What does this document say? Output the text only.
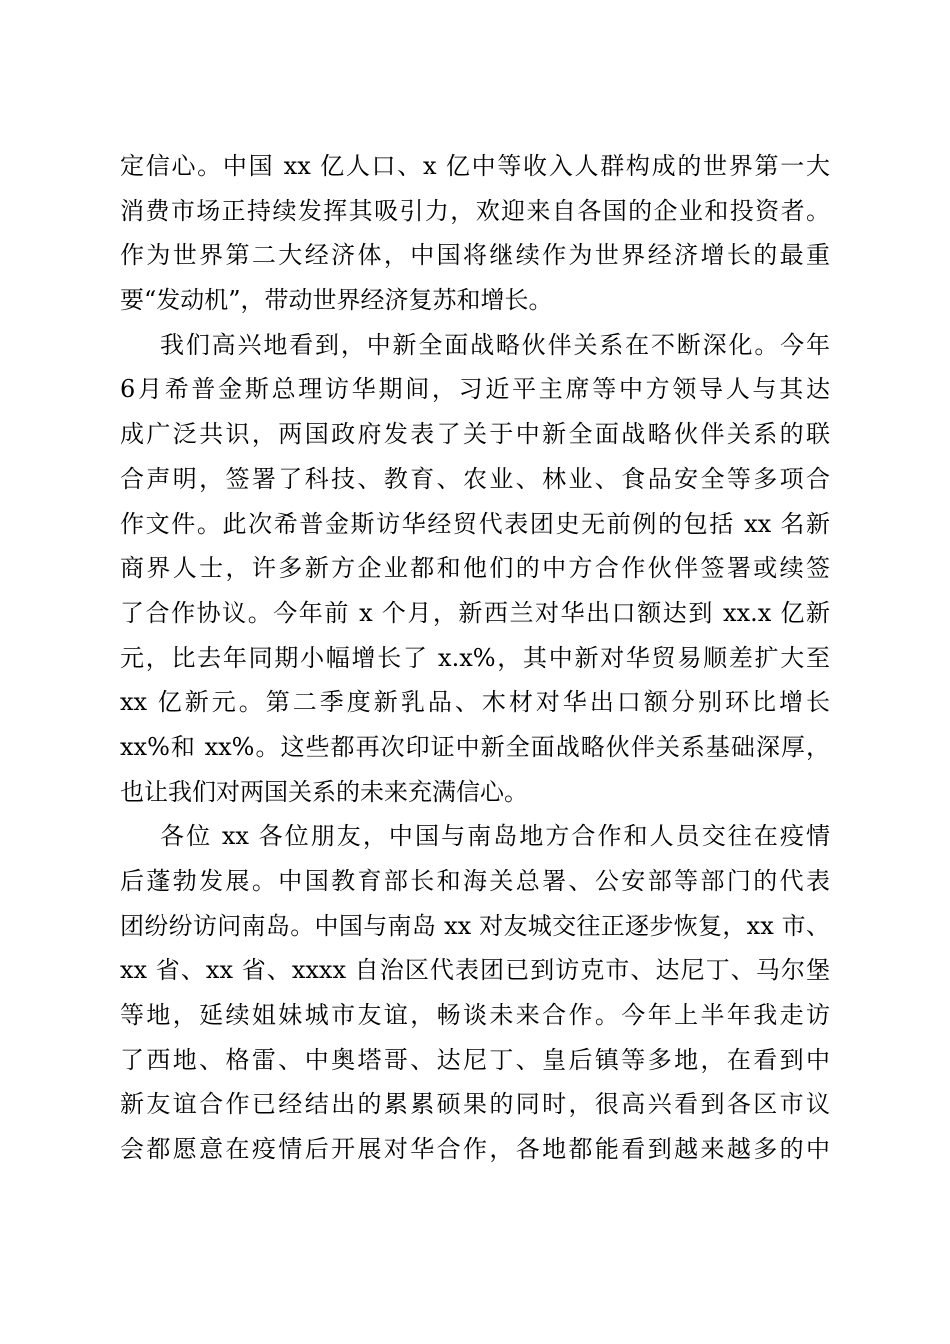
定信心。中国 xx 亿人口、x 亿中等收入人群构成的世界第一大
消费市场正持续发挥其吸引力，欢迎来自各国的企业和投资者。
作为世界第二大经济体，中国将继续作为世界经济增长的最重
要“发动机”，带动世界经济复苏和增长。
我们高兴地看到，中新全面战略伙伴关系在不断深化。今年
6月希普金斯总理访华期间，习近平主席等中方领导人与其达
成广泛共识，两国政府发表了关于中新全面战略伙伴关系的联
合声明，签署了科技、教育、农业、林业、食品安全等多项合
作文件。此次希普金斯访华经贸代表团史无前例的包括 xx 名新
商界人士，许多新方企业都和他们的中方合作伙伴签署或续签
了合作协议。今年前 x 个月，新西兰对华出口额达到 xx.x 亿新
元，比去年同期小幅增长了 x.x%，其中新对华贸易顺差扩大至
xx 亿新元。第二季度新乳品、木材对华出口额分别环比增长
xx%和 xx%。这些都再次印证中新全面战略伙伴关系基础深厚，
也让我们对两国关系的未来充满信心。
各位 xx 各位朋友，中国与南岛地方合作和人员交往在疫情
后蓬勃发展。中国教育部长和海关总署、公安部等部门的代表
团纷纷访问南岛。中国与南岛 xx 对友城交往正逐步恢复，xx 市、
xx 省、xx 省、xxxx 自治区代表团已到访克市、达尼丁、马尔堡
等地，延续姐妹城市友谊，畅谈未来合作。今年上半年我走访
了西地、格雷、中奥塔哥、达尼丁、皇后镇等多地，在看到中
新友谊合作已经结出的累累硕果的同时，很高兴看到各区市议
会都愿意在疫情后开展对华合作，各地都能看到越来越多的中
